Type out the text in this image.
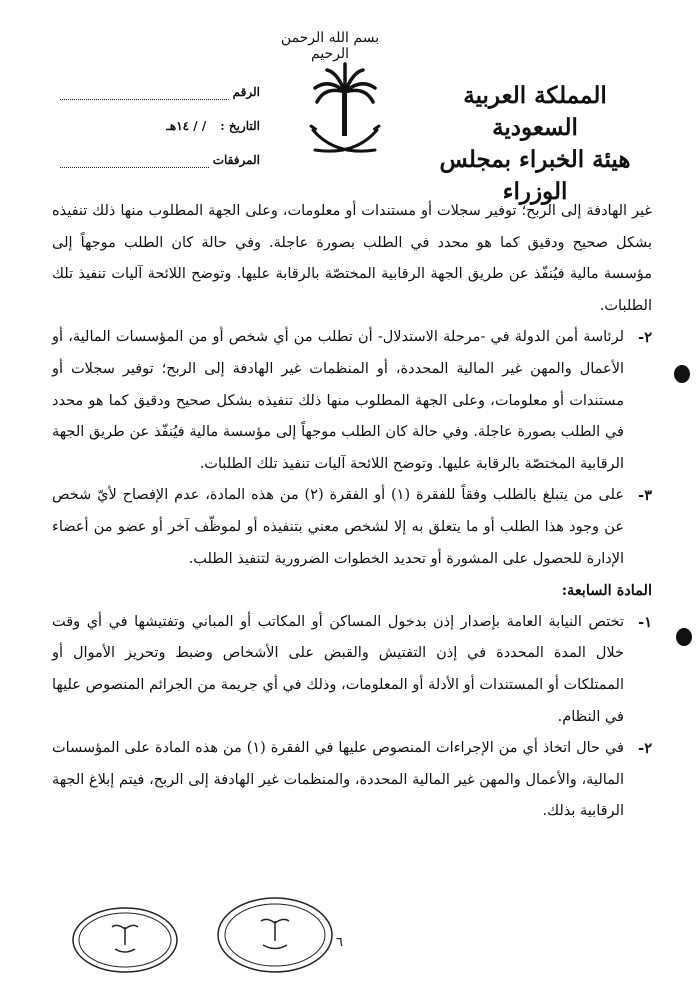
بسم الله الرحمن الرحيم
المملكة العربية السعودية
هيئة الخبراء بمجلس الوزراء
الرقم
التاريخ :
/ / ١٤هـ
المرفقات

غير الهادفة إلى الربح؛ توفير سجلات أو مستندات أو معلومات، وعلى الجهة المطلوب منها ذلك تنفيذه بشكل صحيح ودقيق كما هو محدد في الطلب بصورة عاجلة. وفي حالة كان الطلب موجهاً إلى مؤسسة مالية فيُنفّذ عن طريق الجهة الرقابية المختصّة بالرقابة عليها. وتوضح اللائحة آليات تنفيذ تلك الطلبات.

٢-
لرئاسة أمن الدولة في -مرحلة الاستدلال- أن تطلب من أي شخص أو من المؤسسات المالية، أو الأعمال والمهن غير المالية المحددة، أو المنظمات غير الهادفة إلى الربح؛ توفير سجلات أو مستندات أو معلومات، وعلى الجهة المطلوب منها ذلك تنفيذه بشكل صحيح ودقيق كما هو محدد في الطلب بصورة عاجلة. وفي حالة كان الطلب موجهاً إلى مؤسسة مالية فيُنفّذ عن طريق الجهة الرقابية المختصّة بالرقابة عليها. وتوضح اللائحة آليات تنفيذ تلك الطلبات.
٣-
على من يتبلغ بالطلب وفقاً للفقرة (١) أو الفقرة (٢) من هذه المادة، عدم الإفصاح لأيّ شخص عن وجود هذا الطلب أو ما يتعلق به إلا لشخص معني بتنفيذه أو لموظّف آخر أو عضو من أعضاء الإدارة للحصول على المشورة أو تحديد الخطوات الضرورية لتنفيذ الطلب.

المادة السابعة:

١-
تختص النيابة العامة بإصدار إذن بدخول المساكن أو المكاتب أو المباني وتفتيشها في أي وقت خلال المدة المحددة في إذن التفتيش والقبض على الأشخاص وضبط وتحريز الأموال أو الممتلكات أو المستندات أو الأدلة أو المعلومات، وذلك في أي جريمة من الجرائم المنصوص عليها في النظام.
٢-
في حال اتخاذ أي من الإجراءات المنصوص عليها في الفقرة (١) من هذه المادة على المؤسسات المالية، والأعمال والمهن غير المالية المحددة، والمنظمات غير الهادفة إلى الربح، فيتم إبلاغ الجهة الرقابية بذلك.
٦
